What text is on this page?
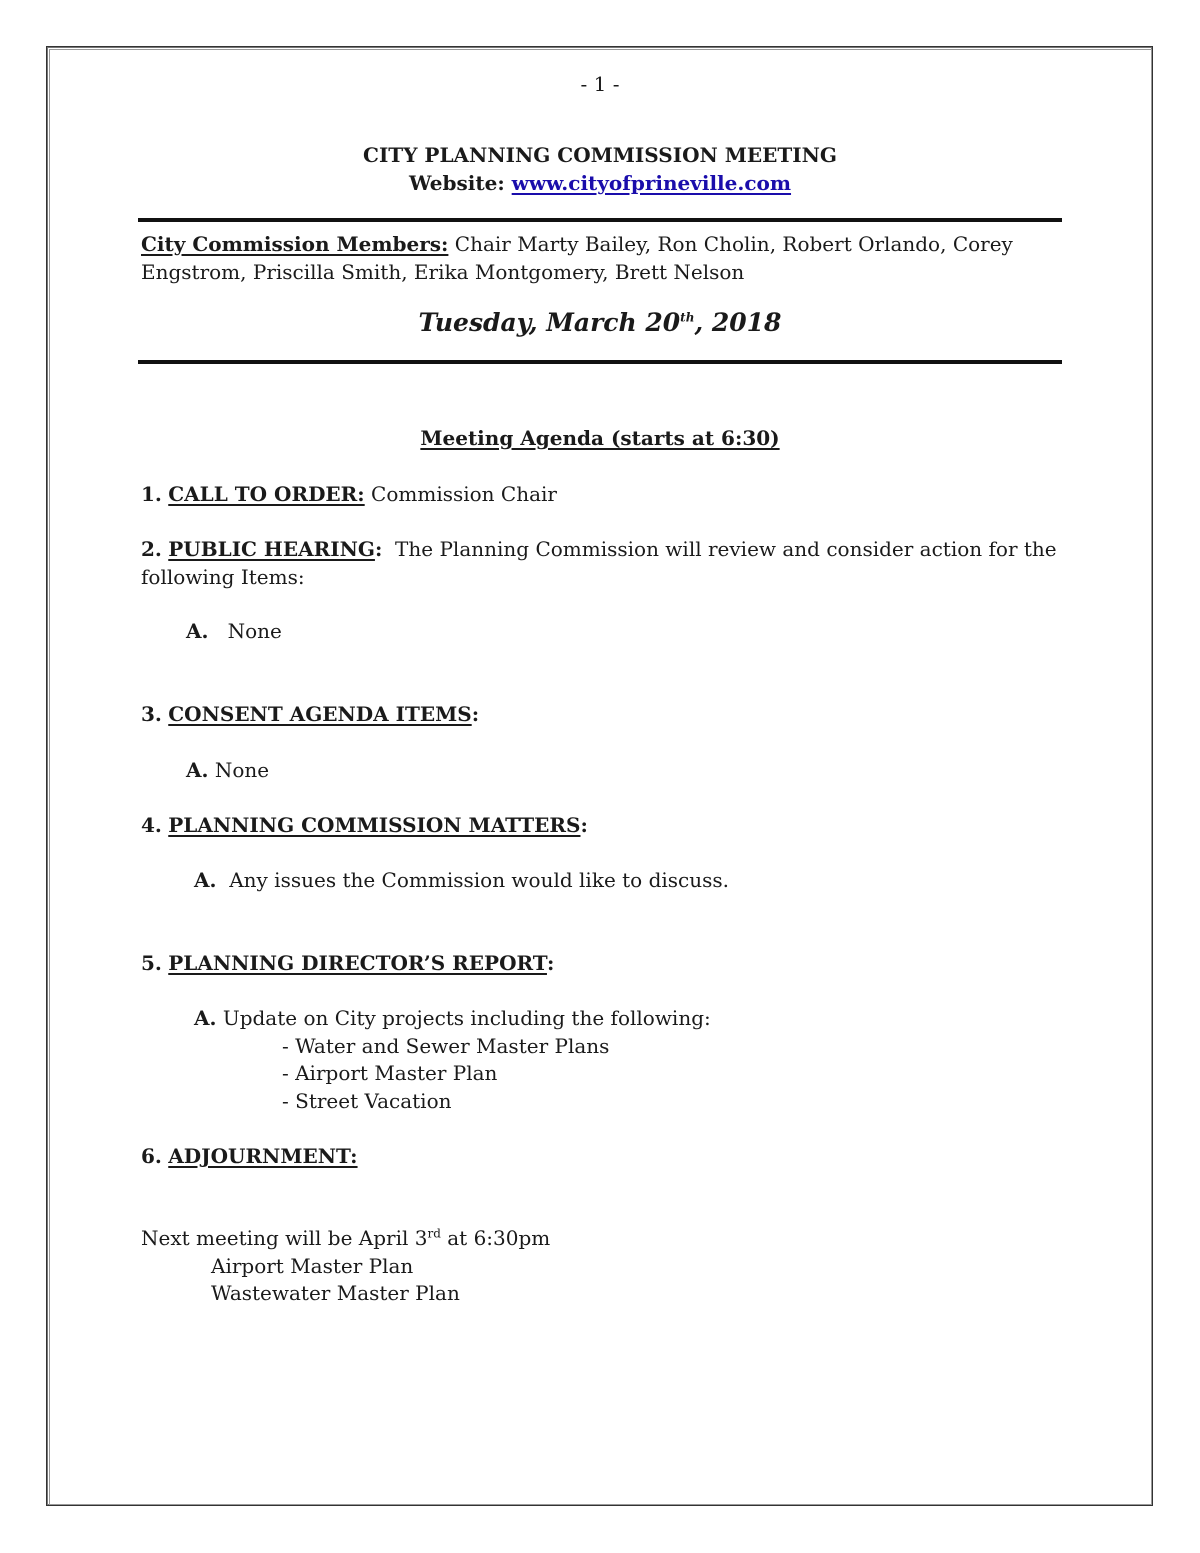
- 1 -
CITY PLANNING COMMISSION MEETING
Website: www.cityofprineville.com
City Commission Members: Chair Marty Bailey, Ron Cholin, Robert Orlando, Corey
Engstrom, Priscilla Smith, Erika Montgomery, Brett Nelson
Tuesday, March 20th, 2018
Meeting Agenda (starts at 6:30)
1. CALL TO ORDER: Commission Chair
2. PUBLIC HEARING: The Planning Commission will review and consider action for the
following Items:
A. None
3. CONSENT AGENDA ITEMS:
A. None
4. PLANNING COMMISSION MATTERS:
A. Any issues the Commission would like to discuss.
5. PLANNING DIRECTOR’S REPORT:
A. Update on City projects including the following:
- Water and Sewer Master Plans
- Airport Master Plan
- Street Vacation
6. ADJOURNMENT:
Next meeting will be April 3rd at 6:30pm
Airport Master Plan
Wastewater Master Plan
